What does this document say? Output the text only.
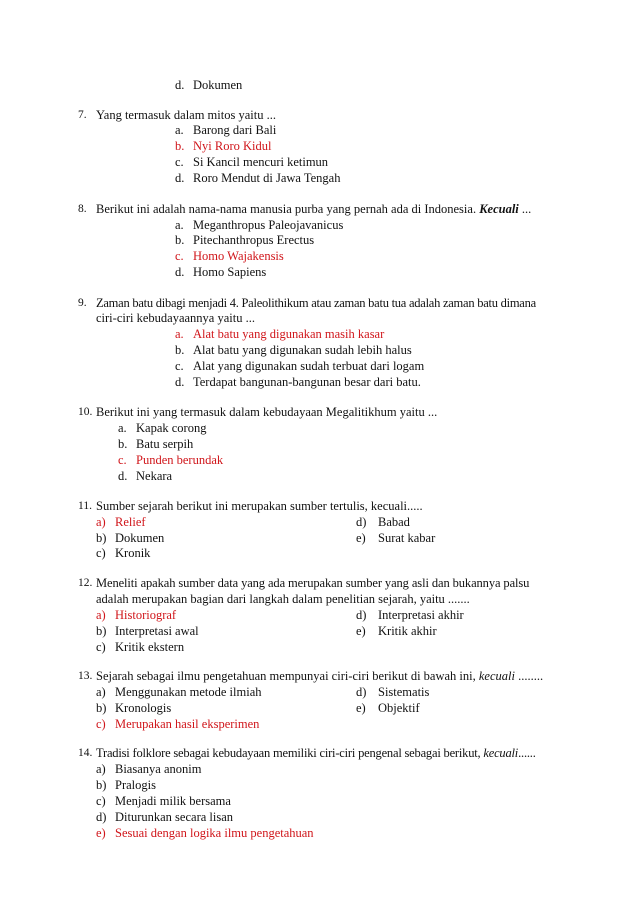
d. Dokumen
7. Yang termasuk dalam mitos yaitu ...
a. Barong dari Bali
b. Nyi Roro Kidul
c. Si Kancil mencuri ketimun
d. Roro Mendut di Jawa Tengah
8. Berikut ini adalah nama-nama manusia purba yang pernah ada di Indonesia. Kecuali ...
a. Meganthropus Paleojavanicus
b. Pitechanthropus Erectus
c. Homo Wajakensis
d. Homo Sapiens
9. Zaman batu dibagi menjadi 4. Paleolithikum atau zaman batu tua adalah zaman batu dimana
ciri-ciri kebudayaannya yaitu ...
a. Alat batu yang digunakan masih kasar
b. Alat batu yang digunakan sudah lebih halus
c. Alat yang digunakan sudah terbuat dari logam
d. Terdapat bangunan-bangunan besar dari batu.
10. Berikut ini yang termasuk dalam kebudayaan Megalitikhum yaitu ...
a. Kapak corong
b. Batu serpih
c. Punden berundak
d. Nekara
11. Sumber sejarah berikut ini merupakan sumber tertulis, kecuali.....
a) Relief	d) Babad
b) Dokumen	e) Surat kabar
c) Kronik
12. Meneliti apakah sumber data yang ada merupakan sumber yang asli dan bukannya palsu
adalah merupakan bagian dari langkah dalam penelitian sejarah, yaitu .......
a) Historiograf	d) Interpretasi akhir
b) Interpretasi awal	e) Kritik akhir
c) Kritik ekstern
13. Sejarah sebagai ilmu pengetahuan mempunyai ciri-ciri berikut di bawah ini, kecuali ........
a) Menggunakan metode ilmiah	d) Sistematis
b) Kronologis	e) Objektif
c) Merupakan hasil eksperimen
14. Tradisi folklore sebagai kebudayaan memiliki ciri-ciri pengenal sebagai berikut, kecuali......
a) Biasanya anonim
b) Pralogis
c) Menjadi milik bersama
d) Diturunkan secara lisan
e) Sesuai dengan logika ilmu pengetahuan
